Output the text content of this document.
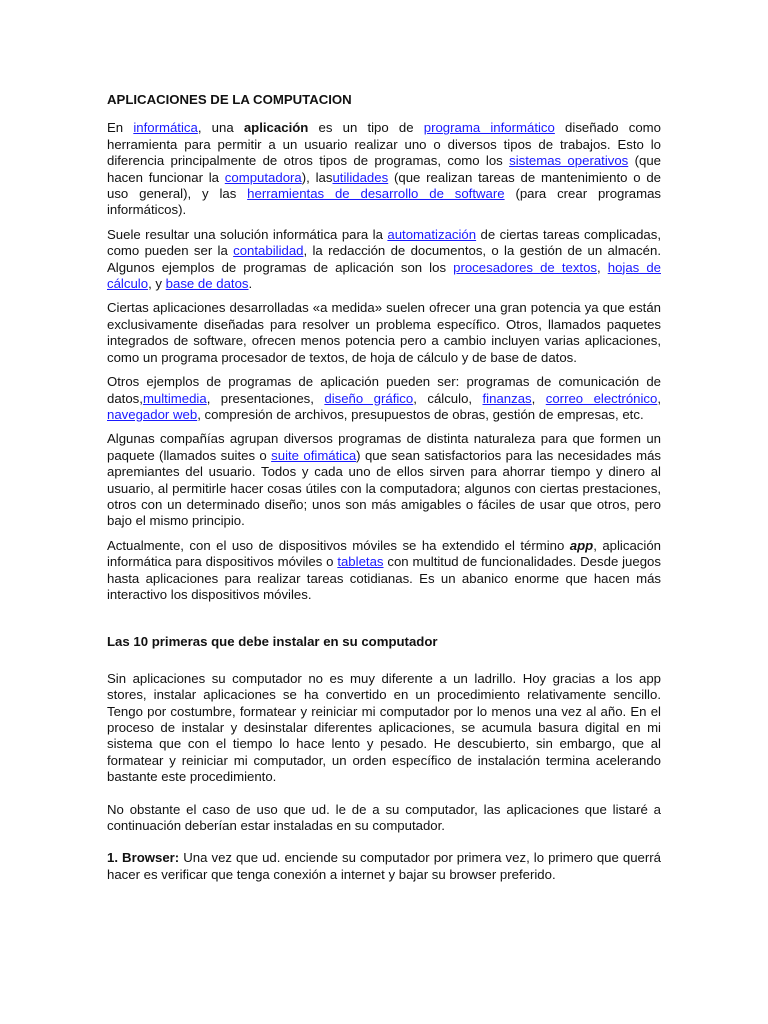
APLICACIONES DE LA COMPUTACION

En informática, una aplicación es un tipo de programa informático diseñado como herramienta para permitir a un usuario realizar uno o diversos tipos de trabajos. Esto lo diferencia principalmente de otros tipos de programas, como los sistemas operativos (que hacen funcionar la computadora), lasutilidades (que realizan tareas de mantenimiento o de uso general), y las herramientas de desarrollo de software (para crear programas informáticos).

Suele resultar una solución informática para la automatización de ciertas tareas complicadas, como pueden ser la contabilidad, la redacción de documentos, o la gestión de un almacén. Algunos ejemplos de programas de aplicación son los procesadores de textos, hojas de cálculo, y base de datos.

Ciertas aplicaciones desarrolladas «a medida» suelen ofrecer una gran potencia ya que están exclusivamente diseñadas para resolver un problema específico. Otros, llamados paquetes integrados de software, ofrecen menos potencia pero a cambio incluyen varias aplicaciones, como un programa procesador de textos, de hoja de cálculo y de base de datos.

Otros ejemplos de programas de aplicación pueden ser: programas de comunicación de datos,multimedia, presentaciones, diseño gráfico, cálculo, finanzas, correo electrónico, navegador web, compresión de archivos, presupuestos de obras, gestión de empresas, etc.

Algunas compañías agrupan diversos programas de distinta naturaleza para que formen un paquete (llamados suites o suite ofimática) que sean satisfactorios para las necesidades más apremiantes del usuario. Todos y cada uno de ellos sirven para ahorrar tiempo y dinero al usuario, al permitirle hacer cosas útiles con la computadora; algunos con ciertas prestaciones, otros con un determinado diseño; unos son más amigables o fáciles de usar que otros, pero bajo el mismo principio.

Actualmente, con el uso de dispositivos móviles se ha extendido el término app, aplicación informática para dispositivos móviles o tabletas con multitud de funcionalidades. Desde juegos hasta aplicaciones para realizar tareas cotidianas. Es un abanico enorme que hacen más interactivo los dispositivos móviles.

Las 10 primeras que debe instalar en su computador

Sin aplicaciones su computador no es muy diferente a un ladrillo. Hoy gracias a los app stores, instalar aplicaciones se ha convertido en un procedimiento relativamente sencillo. Tengo por costumbre, formatear y reiniciar mi computador por lo menos una vez al año. En el proceso de instalar y desinstalar diferentes aplicaciones, se acumula basura digital en mi sistema que con el tiempo lo hace lento y pesado. He descubierto, sin embargo, que al formatear y reiniciar mi computador, un orden específico de instalación termina acelerando bastante este procedimiento.

No obstante el caso de uso que ud. le de a su computador, las aplicaciones que listaré a continuación deberían estar instaladas en su computador.

1. Browser: Una vez que ud. enciende su computador por primera vez, lo primero que querrá hacer es verificar que tenga conexión a internet y bajar su browser preferido.
